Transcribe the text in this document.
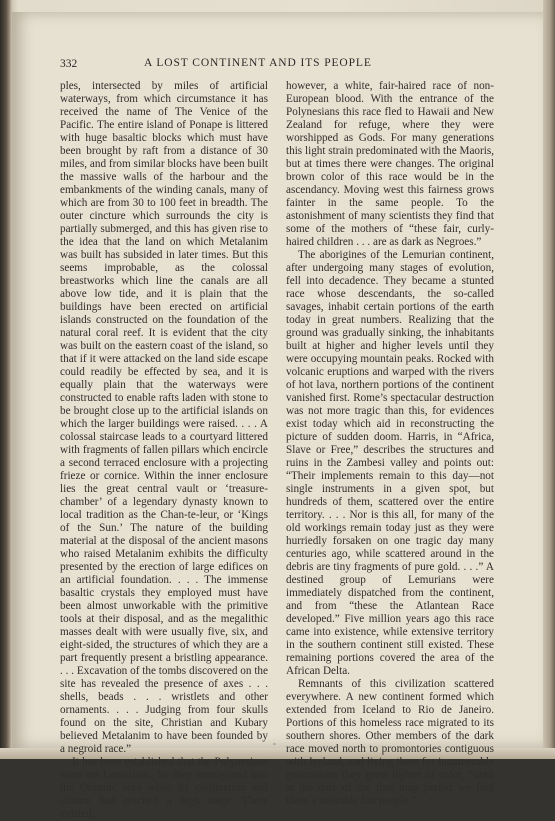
332	A LOST CONTINENT AND ITS PEOPLE

ples, intersected by miles of artificial waterways, from which circumstance it has received the name of The Venice of the Pacific. The entire island of Ponape is littered with huge basaltic blocks which must have been brought by raft from a distance of 30 miles, and from similar blocks have been built the massive walls of the harbour and the embankments of the winding canals, many of which are from 30 to 100 feet in breadth. The outer cincture which surrounds the city is partially submerged, and this has given rise to the idea that the land on which Metalanim was built has subsided in later times. But this seems improbable, as the colossal breastworks which line the canals are all above low tide, and it is plain that the buildings have been erected on artificial islands constructed on the foundation of the natural coral reef. It is evident that the city was built on the eastern coast of the island, so that if it were attacked on the land side escape could readily be effected by sea, and it is equally plain that the waterways were constructed to enable rafts laden with stone to be brought close up to the artificial islands on which the larger buildings were raised. . . . A colossal staircase leads to a courtyard littered with fragments of fallen pillars which encircle a second terraced enclosure with a projecting frieze or cornice. Within the inner enclosure lies the great central vault or ‘treasure-chamber’ of a legendary dynasty known to local tradition as the Chan-te-leur, or ‘Kings of the Sun.’ The nature of the building material at the disposal of the ancient masons who raised Metalanim exhibits the difficulty presented by the erection of large edifices on an artificial foundation. . . . The immense basaltic crystals they employed must have been almost unworkable with the primitive tools at their disposal, and as the megalithic masses dealt with were usually five, six, and eight-sided, the structures of which they are a part frequently present a bristling appearance. . . . Excavation of the tombs discovered on the site has revealed the presence of axes . . . shells, beads . . . wristlets and other ornaments. . . . Judging from four skulls found on the site, Christian and Kubary believed Metalanim to have been founded by a negroid race.”

It has been established that the Polynesians were not Lemurians, for they immigrated into the Oceanic area when its civilization and culture had reached a high stage. There existed,

however, a white, fair-haired race of non-European blood. With the entrance of the Polynesians this race fled to Hawaii and New Zealand for refuge, where they were worshipped as Gods. For many generations this light strain predominated with the Maoris, but at times there were changes. The original brown color of this race would be in the ascendancy. Moving west this fairness grows fainter in the same people. To the astonishment of many scientists they find that some of the mothers of “these fair, curly-haired children . . . are as dark as Negroes.”

The aborigines of the Lemurian continent, after undergoing many stages of evolution, fell into decadence. They became a stunted race whose descendants, the so-called savages, inhabit certain portions of the earth today in great numbers. Realizing that the ground was gradually sinking, the inhabitants built at higher and higher levels until they were occupying mountain peaks. Rocked with volcanic eruptions and warped with the rivers of hot lava, northern portions of the continent vanished first. Rome’s spectacular destruction was not more tragic than this, for evidences exist today which aid in reconstructing the picture of sudden doom. Harris, in “Africa, Slave or Free,” describes the structures and ruins in the Zambesi valley and points out: “Their implements remain to this day—not single instruments in a given spot, but hundreds of them, scattered over the entire territory. . . . Nor is this all, for many of the old workings remain today just as they were hurriedly forsaken on one tragic day many centuries ago, while scattered around in the debris are tiny fragments of pure gold. . . .” A destined group of Lemurians were immediately dispatched from the continent, and from “these the Atlantean Race developed.” Five million years ago this race came into existence, while extensive territory in the southern continent still existed. These remaining portions covered the area of the African Delta.

Remnants of this civilization scattered everywhere. A new continent formed which extended from Iceland to Rio de Janeiro. Portions of this homeless race migrated to its southern shores. Other members of the dark race moved north to promontories contiguous with Iceland, and living there for innumerable generations they grew lighter in color, “until at the date of the first map period we find them a tolerable fair people.”
